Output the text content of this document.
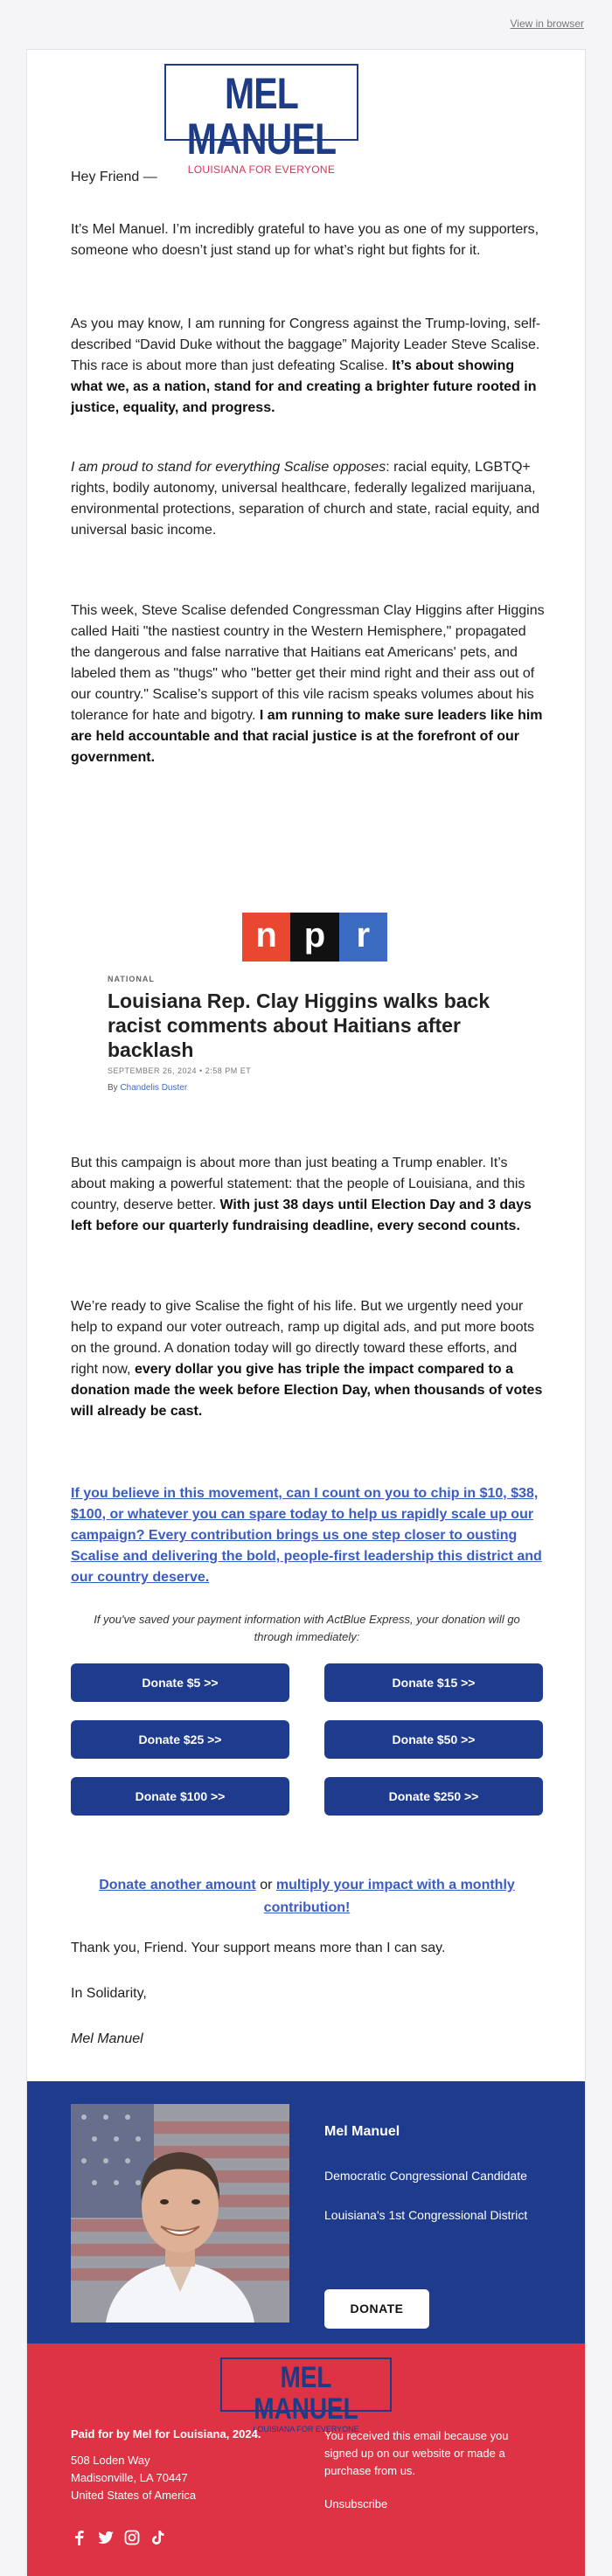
View in browser
MEL MANUEL
LOUISIANA FOR EVERYONE

Hey Friend —

It’s Mel Manuel. I’m incredibly grateful to have you as one of my supporters, someone who doesn’t just stand up for what’s right but fights for it.

As you may know, I am running for Congress against the Trump-loving, self-described “David Duke without the baggage” Majority Leader Steve Scalise. This race is about more than just defeating Scalise. It’s about showing what we, as a nation, stand for and creating a brighter future rooted in justice, equality, and progress.

I am proud to stand for everything Scalise opposes: racial equity, LGBTQ+ rights, bodily autonomy, universal healthcare, federally legalized marijuana, environmental protections, separation of church and state, racial equity, and universal basic income.

This week, Steve Scalise defended Congressman Clay Higgins after Higgins called Haiti "the nastiest country in the Western Hemisphere," propagated the dangerous and false narrative that Haitians eat Americans' pets, and labeled them as "thugs" who "better get their mind right and their ass out of our country." Scalise’s support of this vile racism speaks volumes about his tolerance for hate and bigotry. I am running to make sure leaders like him are held accountable and that racial justice is at the forefront of our government.

n p r
NATIONAL
Louisiana Rep. Clay Higgins walks back racist comments about Haitians after backlash
SEPTEMBER 26, 2024 • 2:58 PM ET
By Chandelis Duster

But this campaign is about more than just beating a Trump enabler. It’s about making a powerful statement: that the people of Louisiana, and this country, deserve better. With just 38 days until Election Day and 3 days left before our quarterly fundraising deadline, every second counts.

We’re ready to give Scalise the fight of his life. But we urgently need your help to expand our voter outreach, ramp up digital ads, and put more boots on the ground. A donation today will go directly toward these efforts, and right now, every dollar you give has triple the impact compared to a donation made the week before Election Day, when thousands of votes will already be cast.

If you believe in this movement, can I count on you to chip in $10, $38, $100, or whatever you can spare today to help us rapidly scale up our campaign? Every contribution brings us one step closer to ousting Scalise and delivering the bold, people-first leadership this district and our country deserve.
If you've saved your payment information with ActBlue Express, your donation will go through immediately:
Donate $5 >>	Donate $15 >>
Donate $25 >>	Donate $50 >>
Donate $100 >>	Donate $250 >>
Donate another amount or multiply your impact with a monthly contribution!

Thank you, Friend. Your support means more than I can say.

In Solidarity,

Mel Manuel

Mel Manuel
Democratic Congressional Candidate
Louisiana's 1st Congressional District
DONATE
MEL MANUEL
LOUISIANA FOR EVERYONE
Paid for by Mel for Louisiana, 2024.
508 Loden Way
Madisonville, LA 70447
United States of America
You received this email because you signed up on our website or made a purchase from us.
Unsubscribe
